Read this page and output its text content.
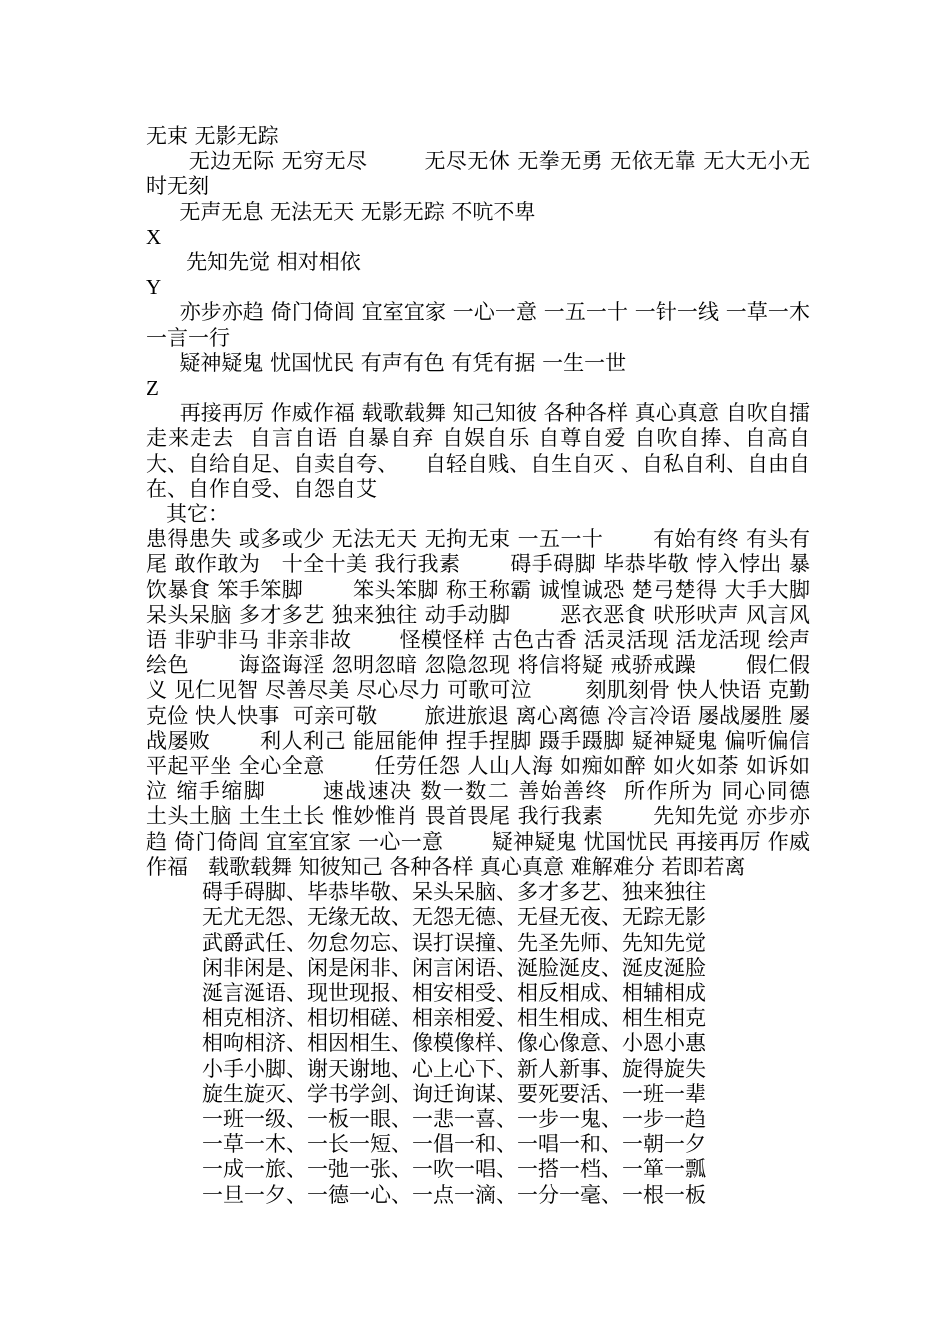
无束 无影无踪

无边无际 无穷无尽        无尽无休 无拳无勇 无依无靠 无大无小无时无刻

无声无息 无法无天 无影无踪 不吭不卑

X

先知先觉 相对相依

Y

亦步亦趋 倚门倚闾 宜室宜家 一心一意 一五一十 一针一线 一草一木 一言一行

疑神疑鬼 忧国忧民 有声有色 有凭有据 一生一世

Z

再接再厉 作威作福 载歌载舞 知己知彼 各种各样 真心真意 自吹自擂 走来走去  自言自语 自暴自弃 自娱自乐 自尊自爱 自吹自捧、自高自大、自给自足、自卖自夸、    自轻自贱、自生自灭 、自私自利、自由自在、自作自受、自怨自艾

其它：

患得患失 或多或少 无法无天 无拘无束 一五一十       有始有终 有头有尾 敢作敢为   十全十美 我行我素       碍手碍脚 毕恭毕敬 悖入悖出 暴饮暴食 笨手笨脚       笨头笨脚 称王称霸 诚惶诚恐 楚弓楚得 大手大脚 呆头呆脑 多才多艺 独来独往 动手动脚       恶衣恶食 吠形吠声 风言风语 非驴非马 非亲非故       怪模怪样 古色古香 活灵活现 活龙活现 绘声绘色       诲盗诲淫 忽明忽暗 忽隐忽现 将信将疑 戒骄戒躁       假仁假义 见仁见智 尽善尽美 尽心尽力 可歌可泣        刻肌刻骨 快人快语 克勤克俭 快人快事  可亲可敬       旅进旅退 离心离德 冷言冷语 屡战屡胜 屡战屡败       利人利己 能屈能伸 捏手捏脚 蹑手蹑脚 疑神疑鬼 偏听偏信 平起平坐 全心全意       任劳任怨 人山人海 如痴如醉 如火如荼 如诉如泣 缩手缩脚       速战速决 数一数二 善始善终  所作所为 同心同德       土头土脑 土生土长 惟妙惟肖 畏首畏尾 我行我素       先知先觉 亦步亦趋 倚门倚闾 宜室宜家 一心一意       疑神疑鬼 忧国忧民 再接再厉 作威作福   载歌载舞 知彼知己 各种各样 真心真意 难解难分 若即若离

碍手碍脚、毕恭毕敬、呆头呆脑、多才多艺、独来独往

无尤无怨、无缘无故、无怨无德、无昼无夜、无踪无影

武爵武任、勿怠勿忘、误打误撞、先圣先师、先知先觉

闲非闲是、闲是闲非、闲言闲语、涎脸涎皮、涎皮涎脸

涎言涎语、现世现报、相安相受、相反相成、相辅相成

相克相济、相切相磋、相亲相爱、相生相成、相生相克

相呴相济、相因相生、像模像样、像心像意、小恩小惠

小手小脚、谢天谢地、心上心下、新人新事、旋得旋失

旋生旋灭、学书学剑、询迁询谋、要死要活、一班一辈

一班一级、一板一眼、一悲一喜、一步一鬼、一步一趋

一草一木、一长一短、一倡一和、一唱一和、一朝一夕

一成一旅、一弛一张、一吹一唱、一搭一档、一箪一瓢

一旦一夕、一德一心、一点一滴、一分一毫、一根一板
